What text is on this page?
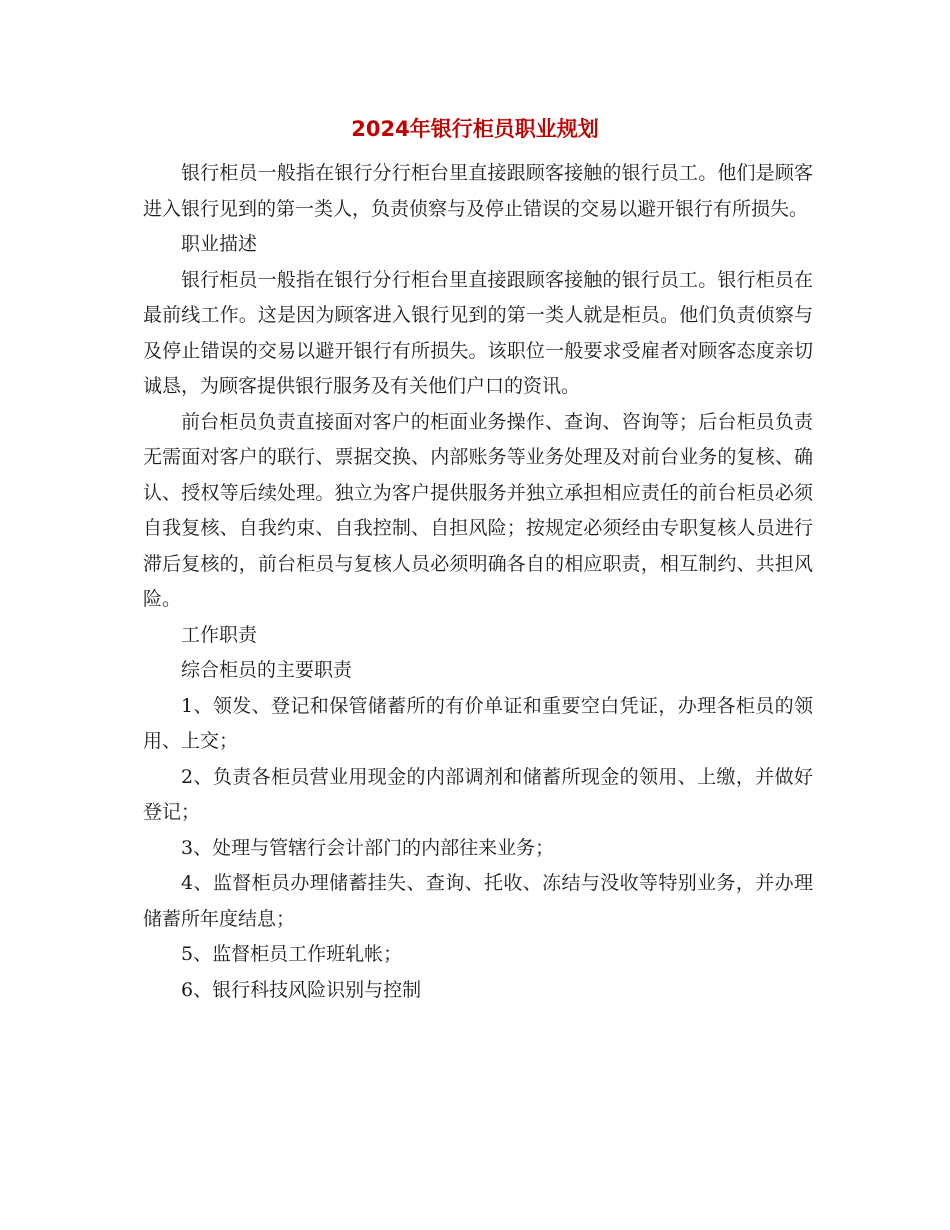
2024年银行柜员职业规划

银行柜员一般指在银行分行柜台里直接跟顾客接触的银行员工。他们是顾客进入银行见到的第一类人，负责侦察与及停止错误的交易以避开银行有所损失。

职业描述

银行柜员一般指在银行分行柜台里直接跟顾客接触的银行员工。银行柜员在最前线工作。这是因为顾客进入银行见到的第一类人就是柜员。他们负责侦察与及停止错误的交易以避开银行有所损失。该职位一般要求受雇者对顾客态度亲切诚恳，为顾客提供银行服务及有关他们户口的资讯。

前台柜员负责直接面对客户的柜面业务操作、查询、咨询等；后台柜员负责无需面对客户的联行、票据交换、内部账务等业务处理及对前台业务的复核、确认、授权等后续处理。独立为客户提供服务并独立承担相应责任的前台柜员必须自我复核、自我约束、自我控制、自担风险；按规定必须经由专职复核人员进行滞后复核的，前台柜员与复核人员必须明确各自的相应职责，相互制约、共担风险。

工作职责

综合柜员的主要职责

1、领发、登记和保管储蓄所的有价单证和重要空白凭证，办理各柜员的领用、上交；

2、负责各柜员营业用现金的内部调剂和储蓄所现金的领用、上缴，并做好登记；

3、处理与管辖行会计部门的内部往来业务；

4、监督柜员办理储蓄挂失、查询、托收、冻结与没收等特别业务，并办理储蓄所年度结息；

5、监督柜员工作班轧帐；

6、银行科技风险识别与控制
